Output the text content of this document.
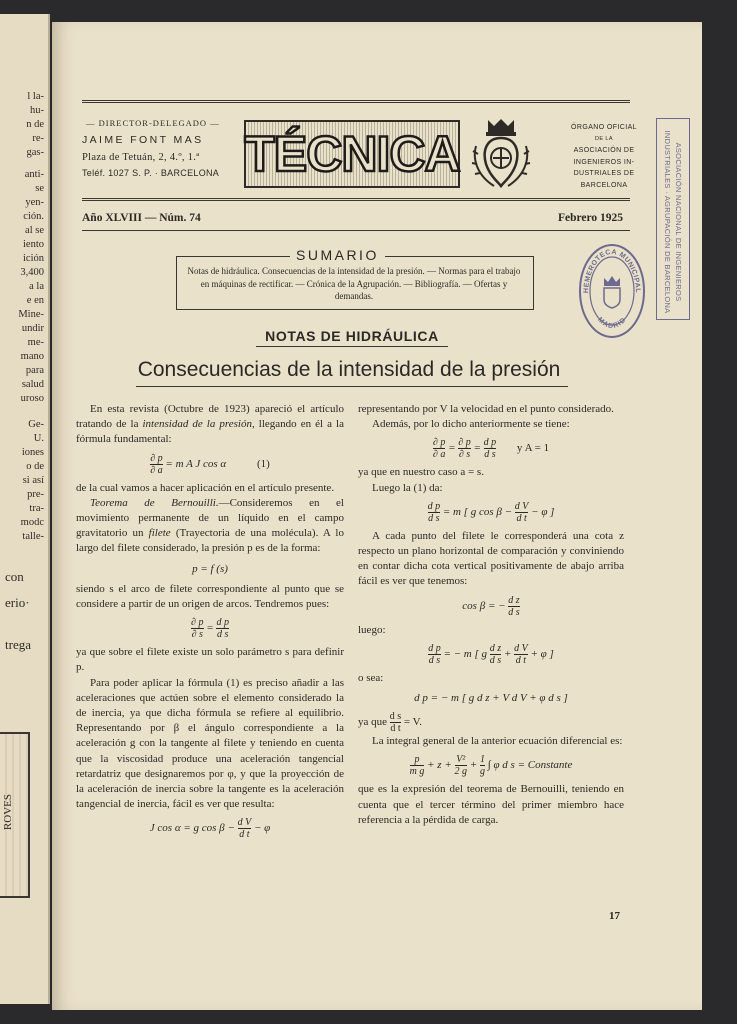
ROVES
l la-
hu-
n de
re-
gas-
anti-
se
yen-
ción.
al se
iento
ición
3,400
a la
e en
Mine-
undir
me-
mano
para
salud
uroso
Ge-
U.
iones
o de
si así
pre-
tra-
modc
talle-
con
erio·
trega
— DIRECTOR-DELEGADO —
JAIME FONT MAS
Plaza de Tetuán, 2, 4.º, 1.ª
Teléf. 1027 S. P. · BARCELONA TÉCNICA	ÓRGANO OFICIAL
DE LA
ASOCIACIÓN DE
INGENIEROS IN-
DUSTRIALES DE
BARCELONA	ASOCIACIÓN NACIONAL DE INGENIEROS INDUSTRIALES · AGRUPACIÓN DE BARCELONA
HEMEROTECA MUNICIPAL
MADRID
Año XLVIII — Núm. 74	Febrero 1925
SUMARIO
Notas de hidráulica. Consecuencias de la intensidad de la presión. — Normas para el trabajo en máquinas de rectificar. — Crónica de la Agrupación. — Bibliografía. — Ofertas y demandas.
NOTAS DE HIDRÁULICA
Consecuencias de la intensidad de la presión

En esta revista (Octubre de 1923) apareció el artículo tratando de la intensidad de la presión, llegando en él a la fórmula fundamental:

$\frac{\partial p}{\partial a} = m$ A J cos α	(1)

de la cual vamos a hacer aplicación en el artículo presente.

Teorema de Bernouilli.—Consideremos en el movimiento permanente de un líquido en el campo gravitatorio un filete (Trayectoria de una molécula). A lo largo del filete considerado, la presión p es de la forma:

p = f (s)

siendo s el arco de filete correspondiente al punto que se considere a partir de un origen de arcos. Tendremos pues:

$\frac{\partial p}{\partial s} = \frac{\text{d p}}{\text{d s}}$

ya que sobre el filete existe un solo parámetro s para definir p.

Para poder aplicar la fórmula (1) es preciso añadir a las aceleraciones que actúen sobre el elemento considerado la de inercia, ya que dicha fórmula se refiere al equilibrio. Representando por β el ángulo correspondiente a la aceleración g con la tangente al filete y teniendo en cuenta que la viscosidad produce una aceleración tangencial retardatriz que designaremos por φ, y que la proyección de la aceleración de inercia sobre la tangente es la aceleración tangencial de inercia, fácil es ver que resulta:

J cos α = g $\cos \beta - \frac{\text{d V}}{\text{d t}} - \varphi$

representando por V la velocidad en el punto considerado.

Además, por lo dicho anteriormente se tiene:

$\frac{\partial p}{\partial a} = \frac{\partial p}{\partial s} = \frac{\text{d p}}{\text{d s}}$ y A = 1

ya que en nuestro caso a = s.

Luego la (1) da:

$\frac{\text{d p}}{\text{d s}} = m$ [ g $\cos \beta - \frac{\text{d V}}{\text{d t}} - \varphi$ ]

A cada punto del filete le corresponderá una cota z respecto un plano horizontal de comparación y conviniendo en contar dicha cota vertical positivamente de abajo arriba fácil es ver que tenemos:

cos β = − $\frac{\text{d z}}{\text{d s}}$

luego:

$\frac{\text{d p}}{\text{d s}}$ = − m [ g $\frac{\text{d z}}{\text{d s}} + \frac{\text{d V}}{\text{d t}} + \varphi$ ]

o sea:

d p = − m [ g d z + V d V + φ d s ]

ya que $\frac{\text{d s}}{\text{d t}} = V$.

La integral general de la anterior ecuación diferencial es:

$\frac{p}{\text{m g}} + z + \frac{\text{V²}}{2 g} + \frac{1}{g}$ ∫ φ d s = Constante

que es la expresión del teorema de Bernouilli, teniendo en cuenta que el tercer término del primer miembro hace referencia a la pérdida de carga.

17
